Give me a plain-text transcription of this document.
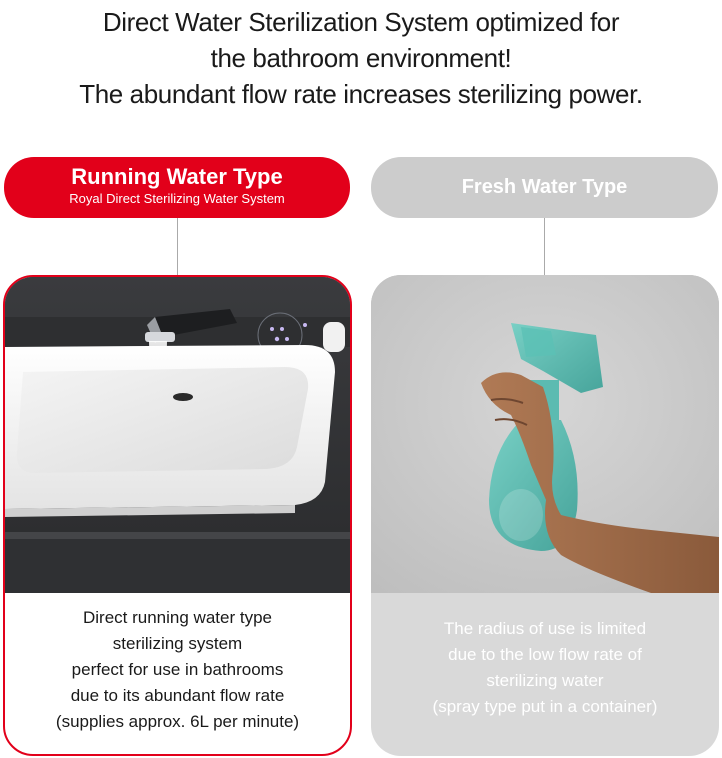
Direct Water Sterilization System optimized for
the bathroom environment!
The abundant flow rate increases sterilizing power.
Running Water Type
Royal Direct Sterilizing Water System
Fresh Water Type
Direct running water type
sterilizing system
perfect for use in bathrooms
due to its abundant flow rate
(supplies approx. 6L per minute)
The radius of use is limited
due to the low flow rate of
sterilizing water
(spray type put in a container)
